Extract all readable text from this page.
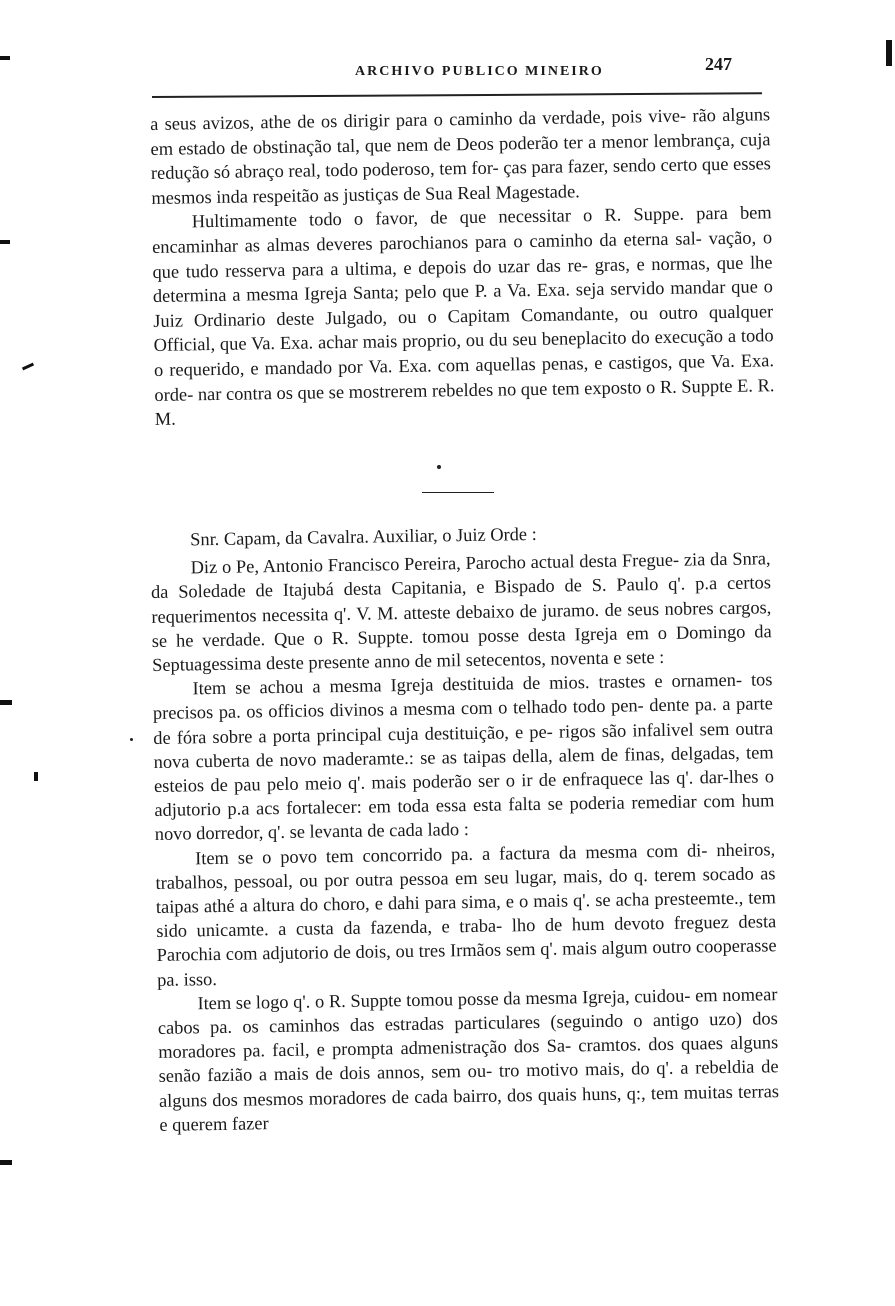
ARCHIVO PUBLICO MINEIRO	247

a seus avizos, athe de os dirigir para o caminho da verdade, pois vive- rão alguns em estado de obstinação tal, que nem de Deos poderão ter a menor lembrança, cuja redução só abraço real, todo poderoso, tem for- ças para fazer, sendo certo que esses mesmos inda respeitão as justiças de Sua Real Magestade.

Hultimamente todo o favor, de que necessitar o R. Suppe. para bem encaminhar as almas deveres parochianos para o caminho da eterna sal- vação, o que tudo resserva para a ultima, e depois do uzar das re- gras, e normas, que lhe determina a mesma Igreja Santa; pelo que P. a Va. Exa. seja servido mandar que o Juiz Ordinario deste Julgado, ou o Capitam Comandante, ou outro qualquer Official, que Va. Exa. achar mais proprio, ou du seu beneplacito do execução a todo o requerido, e mandado por Va. Exa. com aquellas penas, e castigos, que Va. Exa. orde- nar contra os que se mostrerem rebeldes no que tem exposto o R. Suppte E. R. M.

Snr. Capam, da Cavalra. Auxiliar, o Juiz Orde :

Diz o Pe, Antonio Francisco Pereira, Parocho actual desta Fregue- zia da Snra, da Soledade de Itajubá desta Capitania, e Bispado de S. Paulo q'. p.a certos requerimentos necessita q'. V. M. atteste debaixo de juramo. de seus nobres cargos, se he verdade. Que o R. Suppte. tomou posse desta Igreja em o Domingo da Septuagessima deste presente anno de mil setecentos, noventa e sete :

Item se achou a mesma Igreja destituida de mios. trastes e ornamen- tos precisos pa. os officios divinos a mesma com o telhado todo pen- dente pa. a parte de fóra sobre a porta principal cuja destituição, e pe- rigos são infalivel sem outra nova cuberta de novo maderamte.: se as taipas della, alem de finas, delgadas, tem esteios de pau pelo meio q'. mais poderão ser o ir de enfraquece las q'. dar-lhes o adjutorio p.a acs fortalecer: em toda essa esta falta se poderia remediar com hum novo dorredor, q'. se levanta de cada lado :

Item se o povo tem concorrido pa. a factura da mesma com di- nheiros, trabalhos, pessoal, ou por outra pessoa em seu lugar, mais, do q. terem socado as taipas athé a altura do choro, e dahi para sima, e o mais q'. se acha presteemte., tem sido unicamte. a custa da fazenda, e traba- lho de hum devoto freguez desta Parochia com adjutorio de dois, ou tres Irmãos sem q'. mais algum outro cooperasse pa. isso.

Item se logo q'. o R. Suppte tomou posse da mesma Igreja, cuidou- em nomear cabos pa. os caminhos das estradas particulares (seguindo o antigo uzo) dos moradores pa. facil, e prompta admenistração dos Sa- cramtos. dos quaes alguns senão fazião a mais de dois annos, sem ou- tro motivo mais, do q'. a rebeldia de alguns dos mesmos moradores de cada bairro, dos quais huns, q:, tem muitas terras e querem fazer
